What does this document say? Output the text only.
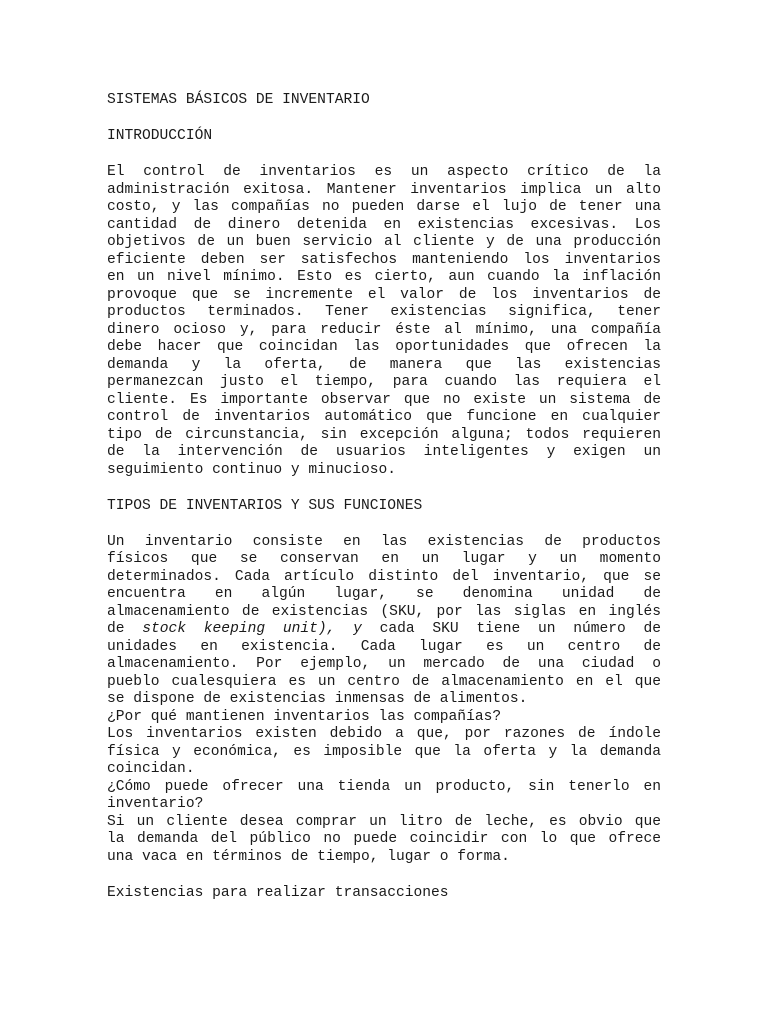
SISTEMAS BÁSICOS DE INVENTARIO
INTRODUCCIÓN
El control de inventarios es un aspecto crítico de la
administración exitosa. Mantener inventarios implica un alto
costo, y las compañías no pueden darse el lujo de tener una
cantidad de dinero detenida en existencias excesivas. Los
objetivos de un buen servicio al cliente y de una producción
eficiente deben ser satisfechos manteniendo los inventarios
en un nivel mínimo. Esto es cierto, aun cuando la inflación
provoque que se incremente el valor de los inventarios de
productos terminados. Tener existencias significa, tener
dinero ocioso y, para reducir éste al mínimo, una compañía
debe hacer que coincidan las oportunidades que ofrecen la
demanda y la oferta, de manera que las existencias
permanezcan justo el tiempo, para cuando las requiera el
cliente. Es importante observar que no existe un sistema de
control de inventarios automático que funcione en cualquier
tipo de circunstancia, sin excepción alguna; todos requieren
de la intervención de usuarios inteligentes y exigen un
seguimiento continuo y minucioso.
TIPOS DE INVENTARIOS Y SUS FUNCIONES
Un inventario consiste en las existencias de productos
físicos que se conservan en un lugar y un momento
determinados. Cada artículo distinto del inventario, que se
encuentra en algún lugar, se denomina unidad de
almacenamiento de existencias (SKU, por las siglas en inglés
de stock keeping unit), y cada SKU tiene un número de
unidades en existencia. Cada lugar es un centro de
almacenamiento. Por ejemplo, un mercado de una ciudad o
pueblo cualesquiera es un centro de almacenamiento en el que
se dispone de existencias inmensas de alimentos.
¿Por qué mantienen inventarios las compañías?
Los inventarios existen debido a que, por razones de índole
física y económica, es imposible que la oferta y la demanda
coincidan.
¿Cómo puede ofrecer una tienda un producto, sin tenerlo en
inventario?
Si un cliente desea comprar un litro de leche, es obvio que
la demanda del público no puede coincidir con lo que ofrece
una vaca en términos de tiempo, lugar o forma.
Existencias para realizar transacciones
